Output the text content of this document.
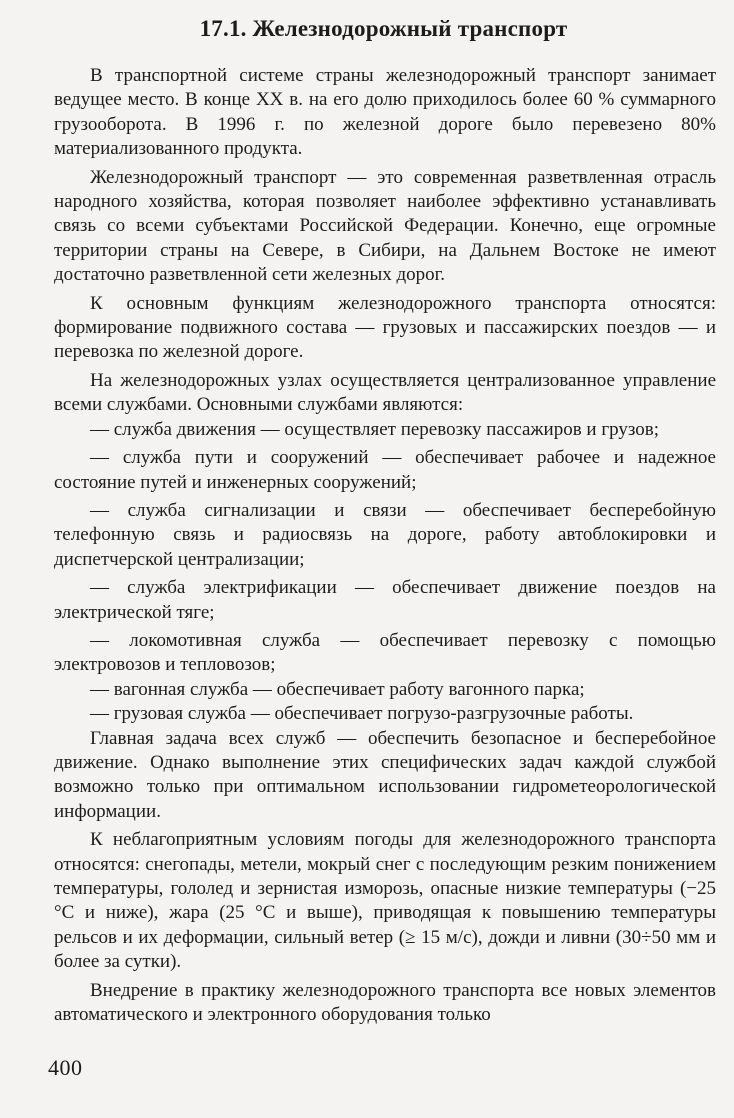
17.1. Железнодорожный транспорт

В транспортной системе страны железнодорожный транспорт занимает ведущее место. В конце XX в. на его долю приходилось более 60 % суммарного грузооборота. В 1996 г. по железной дороге было перевезено 80% материализованного продукта.

Железнодорожный транспорт — это современная разветвленная отрасль народного хозяйства, которая позволяет наиболее эффективно устанавливать связь со всеми субъектами Российской Федерации. Конечно, еще огромные территории страны на Севере, в Сибири, на Дальнем Востоке не имеют достаточно разветвленной сети железных дорог.

К основным функциям железнодорожного транспорта относятся: формирование подвижного состава — грузовых и пассажирских поездов — и перевозка по железной дороге.

На железнодорожных узлах осуществляется централизованное управление всеми службами. Основными службами являются:

— служба движения — осуществляет перевозку пассажиров и грузов;

— служба пути и сооружений — обеспечивает рабочее и надежное состояние путей и инженерных сооружений;

— служба сигнализации и связи — обеспечивает бесперебойную телефонную связь и радиосвязь на дороге, работу автоблокировки и диспетчерской централизации;

— служба электрификации — обеспечивает движение поездов на электрической тяге;

— локомотивная служба — обеспечивает перевозку с помощью электровозов и тепловозов;

— вагонная служба — обеспечивает работу вагонного парка;

— грузовая служба — обеспечивает погрузо-разгрузочные работы.

Главная задача всех служб — обеспечить безопасное и бесперебойное движение. Однако выполнение этих специфических задач каждой службой возможно только при оптимальном использовании гидрометеорологической информации.

К неблагоприятным условиям погоды для железнодорожного транспорта относятся: снегопады, метели, мокрый снег с последующим резким понижением температуры, гололед и зернистая изморозь, опасные низкие температуры (−25 °С и ниже), жара (25 °С и выше), приводящая к повышению температуры рельсов и их деформации, сильный ветер (≥ 15 м/с), дожди и ливни (30÷50 мм и более за сутки).

Внедрение в практику железнодорожного транспорта все новых элементов автоматического и электронного оборудования только

400
